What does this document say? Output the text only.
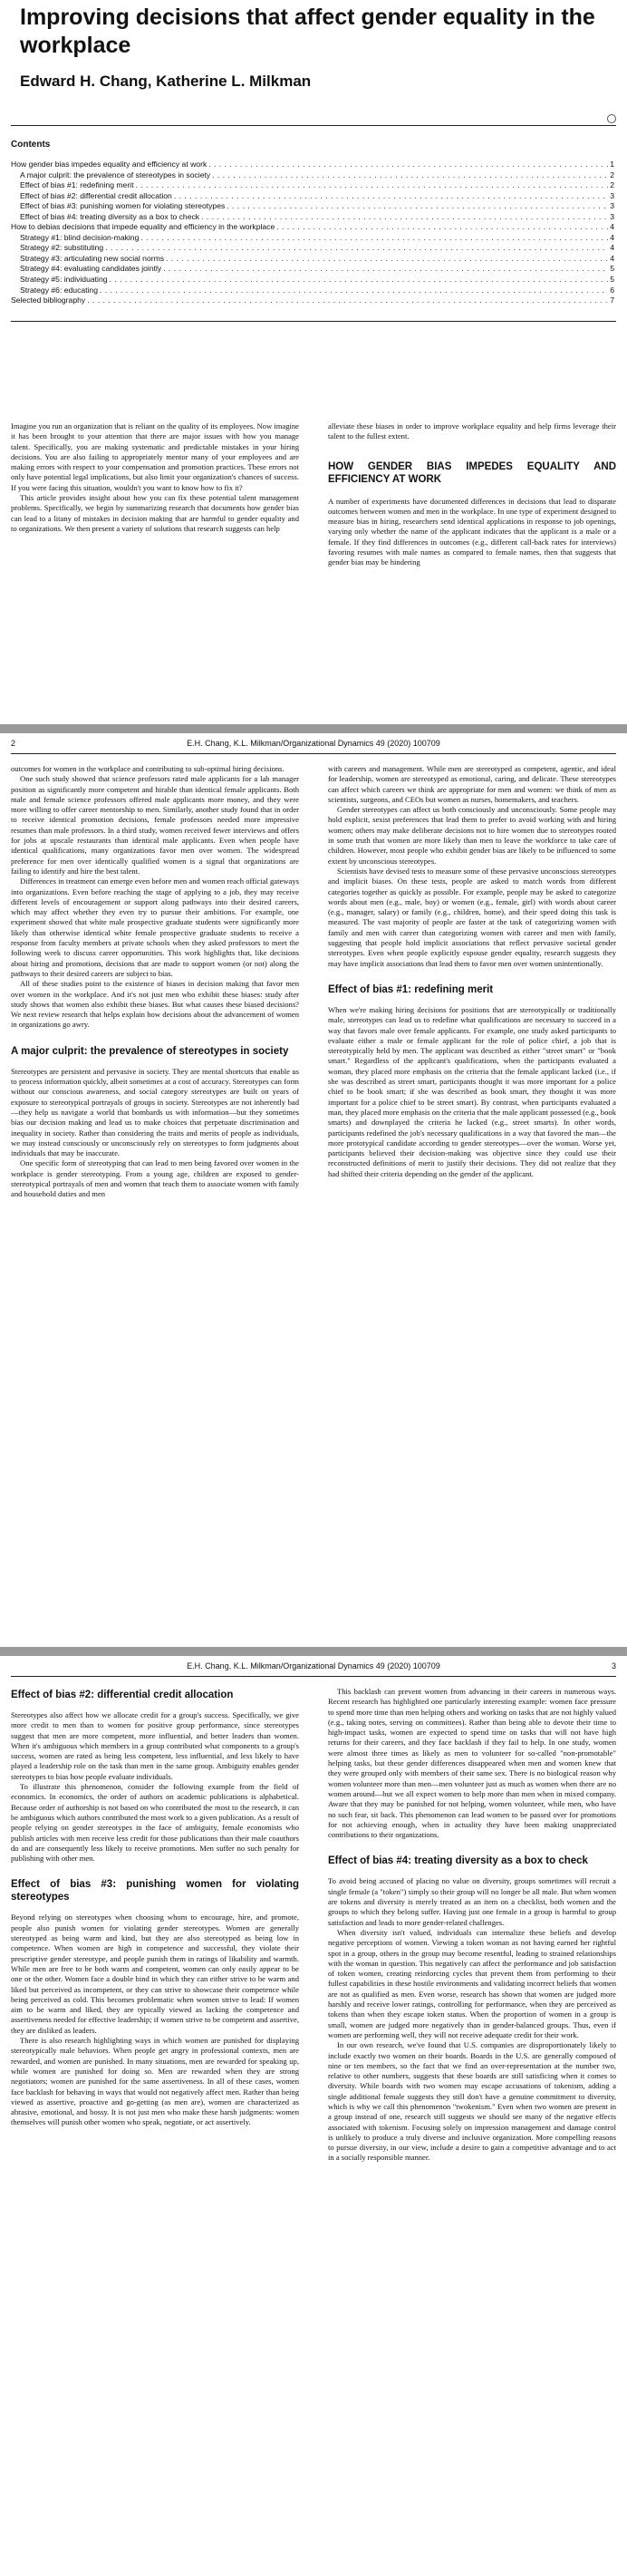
Improving decisions that affect gender equality in the workplace
Edward H. Chang, Katherine L. Milkman
Contents
How gender bias impedes equality and efficiency at work . . .	1
A major culprit: the prevalence of stereotypes in society . . .	2
Effect of bias #1: redefining merit . . .	2
Effect of bias #2: differential credit allocation . . .	3
Effect of bias #3: punishing women for violating stereotypes . . .	3
Effect of bias #4: treating diversity as a box to check . . .	3
How to debias decisions that impede equality and efficiency in the workplace . . .	4
Strategy #1: blind decision-making . . .	4
Strategy #2: substituting . . .	4
Strategy #3: articulating new social norms . . .	4
Strategy #4: evaluating candidates jointly . . .	5
Strategy #5: individuating . . .	5
Strategy #6: educating . . .	6
Selected bibliography . . .	7

Imagine you run an organization that is reliant on the quality of its employees. Now imagine it has been brought to your attention that there are major issues with how you manage talent. Specifically, you are making systematic and predictable mistakes in your hiring decisions. You are also failing to appropriately mentor many of your employees and are making errors with respect to your compensation and promotion practices. These errors not only have potential legal implications, but also limit your organization's chances of success. If you were facing this situation, wouldn't you want to know how to fix it?

This article provides insight about how you can fix these potential talent management problems. Specifically, we begin by summarizing research that documents how gender bias can lead to a litany of mistakes in decision making that are harmful to gender equality and to organizations. We then present a variety of solutions that research suggests can help

alleviate these biases in order to improve workplace equality and help firms leverage their talent to the fullest extent.

HOW GENDER BIAS IMPEDES EQUALITY AND EFFICIENCY AT WORK

A number of experiments have documented differences in decisions that lead to disparate outcomes between women and men in the workplace. In one type of experiment designed to measure bias in hiring, researchers send identical applications in response to job openings, varying only whether the name of the applicant indicates that the applicant is a male or a female. If they find differences in outcomes (e.g., different call-back rates for interviews) favoring resumes with male names as compared to female names, then that suggests that gender bias may be hindering

2	E.H. Chang, K.L. Milkman/Organizational Dynamics 49 (2020) 100709

outcomes for women in the workplace and contributing to sub-optimal hiring decisions.

One such study showed that science professors rated male applicants for a lab manager position as significantly more competent and hirable than identical female applicants. Both male and female science professors offered male applicants more money, and they were more willing to offer career mentorship to men. Similarly, another study found that in order to receive identical promotion decisions, female professors needed more impressive resumes than male professors. In a third study, women received fewer interviews and offers for jobs at upscale restaurants than identical male applicants. Even when people have identical qualifications, many organizations favor men over women. The widespread preference for men over identically qualified women is a signal that organizations are failing to identify and hire the best talent.

Differences in treatment can emerge even before men and women reach official gateways into organizations. Even before reaching the stage of applying to a job, they may receive different levels of encouragement or support along pathways into their desired careers, which may affect whether they even try to pursue their ambitions. For example, one experiment showed that white male prospective graduate students were significantly more likely than otherwise identical white female prospective graduate students to receive a response from faculty members at private schools when they asked professors to meet the following week to discuss career opportunities. This work highlights that, like decisions about hiring and promotions, decisions that are made to support women (or not) along the pathways to their desired careers are subject to bias.

All of these studies point to the existence of biases in decision making that favor men over women in the workplace. And it's not just men who exhibit these biases: study after study shows that women also exhibit these biases. But what causes these biased decisions? We next review research that helps explain how decisions about the advancement of women in organizations go awry.

A major culprit: the prevalence of stereotypes in society

Stereotypes are persistent and pervasive in society. They are mental shortcuts that enable us to process information quickly, albeit sometimes at a cost of accuracy. Stereotypes can form without our conscious awareness, and social category stereotypes are built on years of exposure to stereotypical portrayals of groups in society. Stereotypes are not inherently bad—they help us navigate a world that bombards us with information—but they sometimes bias our decision making and lead us to make choices that perpetuate discrimination and inequality in society. Rather than considering the traits and merits of people as individuals, we may instead consciously or unconsciously rely on stereotypes to form judgments about individuals that may be inaccurate.

One specific form of stereotyping that can lead to men being favored over women in the workplace is gender stereotyping. From a young age, children are exposed to gender-stereotypical portrayals of men and women that teach them to associate women with family and household duties and men

with careers and management. While men are stereotyped as competent, agentic, and ideal for leadership, women are stereotyped as emotional, caring, and delicate. These stereotypes can affect which careers we think are appropriate for men and women: we think of men as scientists, surgeons, and CEOs but women as nurses, homemakers, and teachers.

Gender stereotypes can affect us both consciously and unconsciously. Some people may hold explicit, sexist preferences that lead them to prefer to avoid working with and hiring women; others may make deliberate decisions not to hire women due to stereotypes rooted in some truth that women are more likely than men to leave the workforce to take care of children. However, most people who exhibit gender bias are likely to be influenced to some extent by unconscious stereotypes.

Scientists have devised tests to measure some of these pervasive unconscious stereotypes and implicit biases. On these tests, people are asked to match words from different categories together as quickly as possible. For example, people may be asked to categorize words about men (e.g., male, boy) or women (e.g., female, girl) with words about career (e.g., manager, salary) or family (e.g., children, home), and their speed doing this task is measured. The vast majority of people are faster at the task of categorizing women with family and men with career than categorizing women with career and men with family, suggesting that people hold implicit associations that reflect pervasive societal gender stereotypes. Even when people explicitly espouse gender equality, research suggests they may have implicit associations that lead them to favor men over women unintentionally.

Effect of bias #1: redefining merit

When we're making hiring decisions for positions that are stereotypically or traditionally male, stereotypes can lead us to redefine what qualifications are necessary to succeed in a way that favors male over female applicants. For example, one study asked participants to evaluate either a male or female applicant for the role of police chief, a job that is stereotypically held by men. The applicant was described as either "street smart" or "book smart." Regardless of the applicant's qualifications, when the participants evaluated a woman, they placed more emphasis on the criteria that the female applicant lacked (i.e., if she was described as street smart, participants thought it was more important for a police chief to be book smart; if she was described as book smart, they thought it was more important for a police chief to be street smart). By contrast, when participants evaluated a man, they placed more emphasis on the criteria that the male applicant possessed (e.g., book smarts) and downplayed the criteria he lacked (e.g., street smarts). In other words, participants redefined the job's necessary qualifications in a way that favored the man—the more prototypical candidate according to gender stereotypes—over the woman. Worse yet, participants believed their decision-making was objective since they could use their reconstructed definitions of merit to justify their decisions. They did not realize that they had shifted their criteria depending on the gender of the applicant.

E.H. Chang, K.L. Milkman/Organizational Dynamics 49 (2020) 100709	3
Effect of bias #2: differential credit allocation

Stereotypes also affect how we allocate credit for a group's success. Specifically, we give more credit to men than to women for positive group performance, since stereotypes suggest that men are more competent, more influential, and better leaders than women. When it's ambiguous which members in a group contributed what components to a group's success, women are rated as being less competent, less influential, and less likely to have played a leadership role on the task than men in the same group. Ambiguity enables gender stereotypes to bias how people evaluate individuals.

To illustrate this phenomenon, consider the following example from the field of economics. In economics, the order of authors on academic publications is alphabetical. Because order of authorship is not based on who contributed the most to the research, it can be ambiguous which authors contributed the most work to a given publication. As a result of people relying on gender stereotypes in the face of ambiguity, female economists who publish articles with men receive less credit for those publications than their male coauthors do and are consequently less likely to receive promotions. Men suffer no such penalty for publishing with other men.

Effect of bias #3: punishing women for violating stereotypes

Beyond relying on stereotypes when choosing whom to encourage, hire, and promote, people also punish women for violating gender stereotypes. Women are generally stereotyped as being warm and kind, but they are also stereotyped as being low in competence. When women are high in competence and successful, they violate their prescriptive gender stereotype, and people punish them in ratings of likability and warmth. While men are free to be both warm and competent, women can only easily appear to be one or the other. Women face a double bind in which they can either strive to be warm and liked but perceived as incompetent, or they can strive to showcase their competence while being perceived as cold. This becomes problematic when women strive to lead: If women aim to be warm and liked, they are typically viewed as lacking the competence and assertiveness needed for effective leadership; if women strive to be competent and assertive, they are disliked as leaders.

There is also research highlighting ways in which women are punished for displaying stereotypically male behaviors. When people get angry in professional contexts, men are rewarded, and women are punished. In many situations, men are rewarded for speaking up, while women are punished for doing so. Men are rewarded when they are strong negotiators; women are punished for the same assertiveness. In all of these cases, women face backlash for behaving in ways that would not negatively affect men. Rather than being viewed as assertive, proactive and go-getting (as men are), women are characterized as abrasive, emotional, and bossy. It is not just men who make these harsh judgments: women themselves will punish other women who speak, negotiate, or act assertively.

This backlash can prevent women from advancing in their careers in numerous ways. Recent research has highlighted one particularly interesting example: women face pressure to spend more time than men helping others and working on tasks that are not highly valued (e.g., taking notes, serving on committees). Rather than being able to devote their time to high-impact tasks, women are expected to spend time on tasks that will not have high returns for their careers, and they face backlash if they fail to help. In one study, women were almost three times as likely as men to volunteer for so-called "non-promotable" helping tasks, but these gender differences disappeared when men and women knew that they were grouped only with members of their same sex. There is no biological reason why women volunteer more than men—men volunteer just as much as women when there are no women around—but we all expect women to help more than men when in mixed company. Aware that they may be punished for not helping, women volunteer, while men, who have no such fear, sit back. This phenomenon can lead women to be passed over for promotions for not achieving enough, when in actuality they have been making unappreciated contributions to their organizations.

Effect of bias #4: treating diversity as a box to check

To avoid being accused of placing no value on diversity, groups sometimes will recruit a single female (a "token") simply so their group will no longer be all male. But when women are tokens and diversity is merely treated as an item on a checklist, both women and the groups to which they belong suffer. Having just one female in a group is harmful to group satisfaction and leads to more gender-related challenges.

When diversity isn't valued, individuals can internalize these beliefs and develop negative perceptions of women. Viewing a token woman as not having earned her rightful spot in a group, others in the group may become resentful, leading to strained relationships with the woman in question. This negatively can affect the performance and job satisfaction of token women, creating reinforcing cycles that prevent them from performing to their fullest capabilities in these hostile environments and validating incorrect beliefs that women are not as qualified as men. Even worse, research has shown that women are judged more harshly and receive lower ratings, controlling for performance, when they are perceived as tokens than when they escape token status. When the proportion of women in a group is small, women are judged more negatively than in gender-balanced groups. Thus, even if women are performing well, they will not receive adequate credit for their work.

In our own research, we've found that U.S. companies are disproportionately likely to include exactly two women on their boards. Boards in the U.S. are generally composed of nine or ten members, so the fact that we find an over-representation at the number two, relative to other numbers, suggests that these boards are still satisficing when it comes to diversity. While boards with two women may escape accusations of tokenism, adding a single additional female suggests they still don't have a genuine commitment to diversity, which is why we call this phenomenon "twokenism." Even when two women are present in a group instead of one, research still suggests we should see many of the negative effects associated with tokenism. Focusing solely on impression management and damage control is unlikely to produce a truly diverse and inclusive organization. More compelling reasons to pursue diversity, in our view, include a desire to gain a competitive advantage and to act in a socially responsible manner.
